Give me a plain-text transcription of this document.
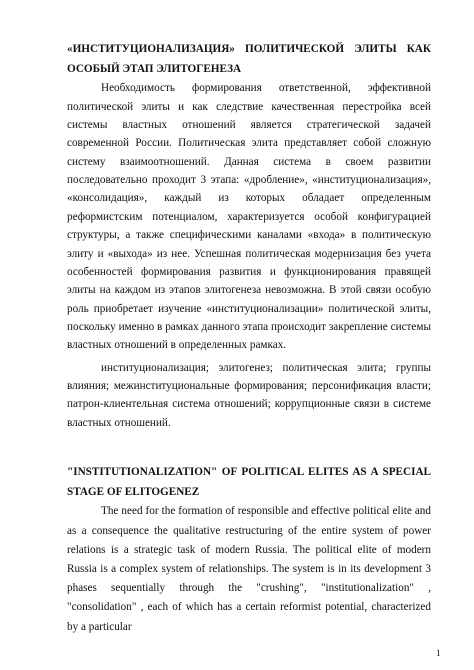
«ИНСТИТУЦИОНАЛИЗАЦИЯ» ПОЛИТИЧЕСКОЙ ЭЛИТЫ КАК ОСОБЫЙ ЭТАП ЭЛИТОГЕНЕЗА

Необходимость формирования ответственной, эффективной политической элиты и как следствие качественная перестройка всей системы властных отношений является стратегической задачей современной России. Политическая элита представляет собой сложную систему взаимоотношений. Данная система в своем развитии последовательно проходит 3 этапа: «дробление», «институционализация», «консолидация», каждый из которых обладает определенным реформистским потенциалом, характеризуется особой конфигурацией структуры, а также специфическими каналами «входа» в политическую элиту и «выхода» из нее. Успешная политическая модернизация без учета особенностей формирования развития и функционирования правящей элиты на каждом из этапов элитогенеза невозможна. В этой связи особую роль приобретает изучение «институционализации» политической элиты, поскольку именно в рамках данного этапа происходит закрепление системы властных отношений в определенных рамках.

институционализация; элитогенез; политическая элита; группы влияния; межинституциональные формирования; персонификация власти; патрон-клиентельная система отношений; коррупционные связи в системе властных отношений.

"INSTITUTIONALIZATION" OF POLITICAL ELITES AS A SPECIAL STAGE OF ELITOGENEZ

The need for the formation of responsible and effective political elite and as a consequence the qualitative restructuring of the entire system of power relations is a strategic task of modern Russia. The political elite of modern Russia is a complex system of relationships. The system is in its development 3 phases sequentially through the "crushing", "institutionalization" , "consolidation" , each of which has a certain reformist potential, characterized by a particular

1
